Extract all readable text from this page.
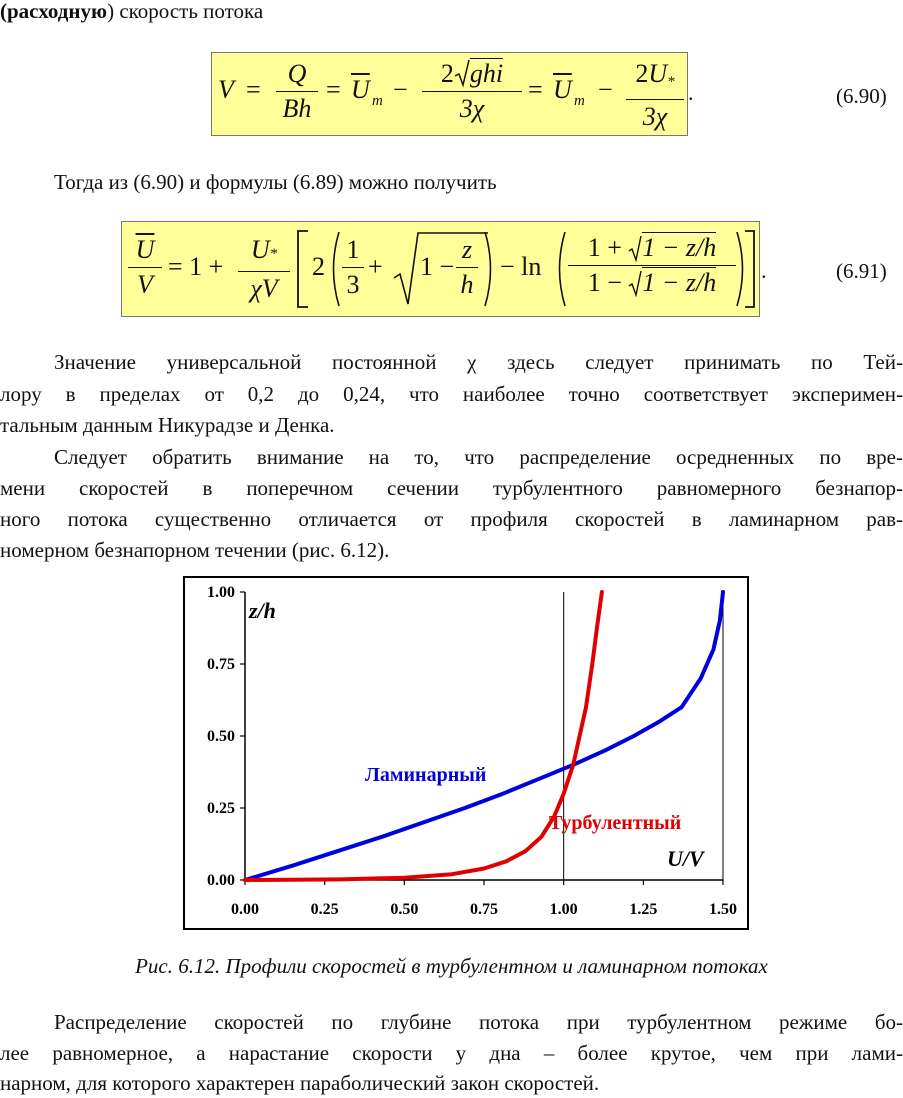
(расходную) скорость потока
V =
Q
Bh
= $\overline{U}$ m −
2 ghi
3χ
= $\overline{U}$ m −
$2U_*$
3χ
.	(6.90)
Тогда из (6.90) и формулы (6.89) можно получить
$\overline{U}$
V
= 1 +
U*
χV
2
1
3
+ 1 −
z
h
− ln
1 + 1 − z/h
1 − 1 − z/h	.	(6.91)
Значение универсальной постоянной χ здесь следует принимать по Тей-
лору в пределах от 0,2 до 0,24, что наиболее точно соответствует эксперимен-
тальным данным Никурадзе и Денка.
Следует обратить внимание на то, что распределение осредненных по вре-
мени скоростей в поперечном сечении турбулентного равномерного безнапор-
ного потока существенно отличается от профиля скоростей в ламинарном рав-
номерном безнапорном течении (рис. 6.12).
0.00	0.25	0.50	0.75	1.00	1.25	1.50
0.00
0.25
0.50
0.75
1.00
z/h
U/V
Ламинарный
Турбулентный
Рис. 6.12. Профили скоростей в турбулентном и ламинарном потоках
Распределение скоростей по глубине потока при турбулентном режиме бо-
лее равномерное, а нарастание скорости у дна – более крутое, чем при лами-
нарном, для которого характерен параболический закон скоростей.
